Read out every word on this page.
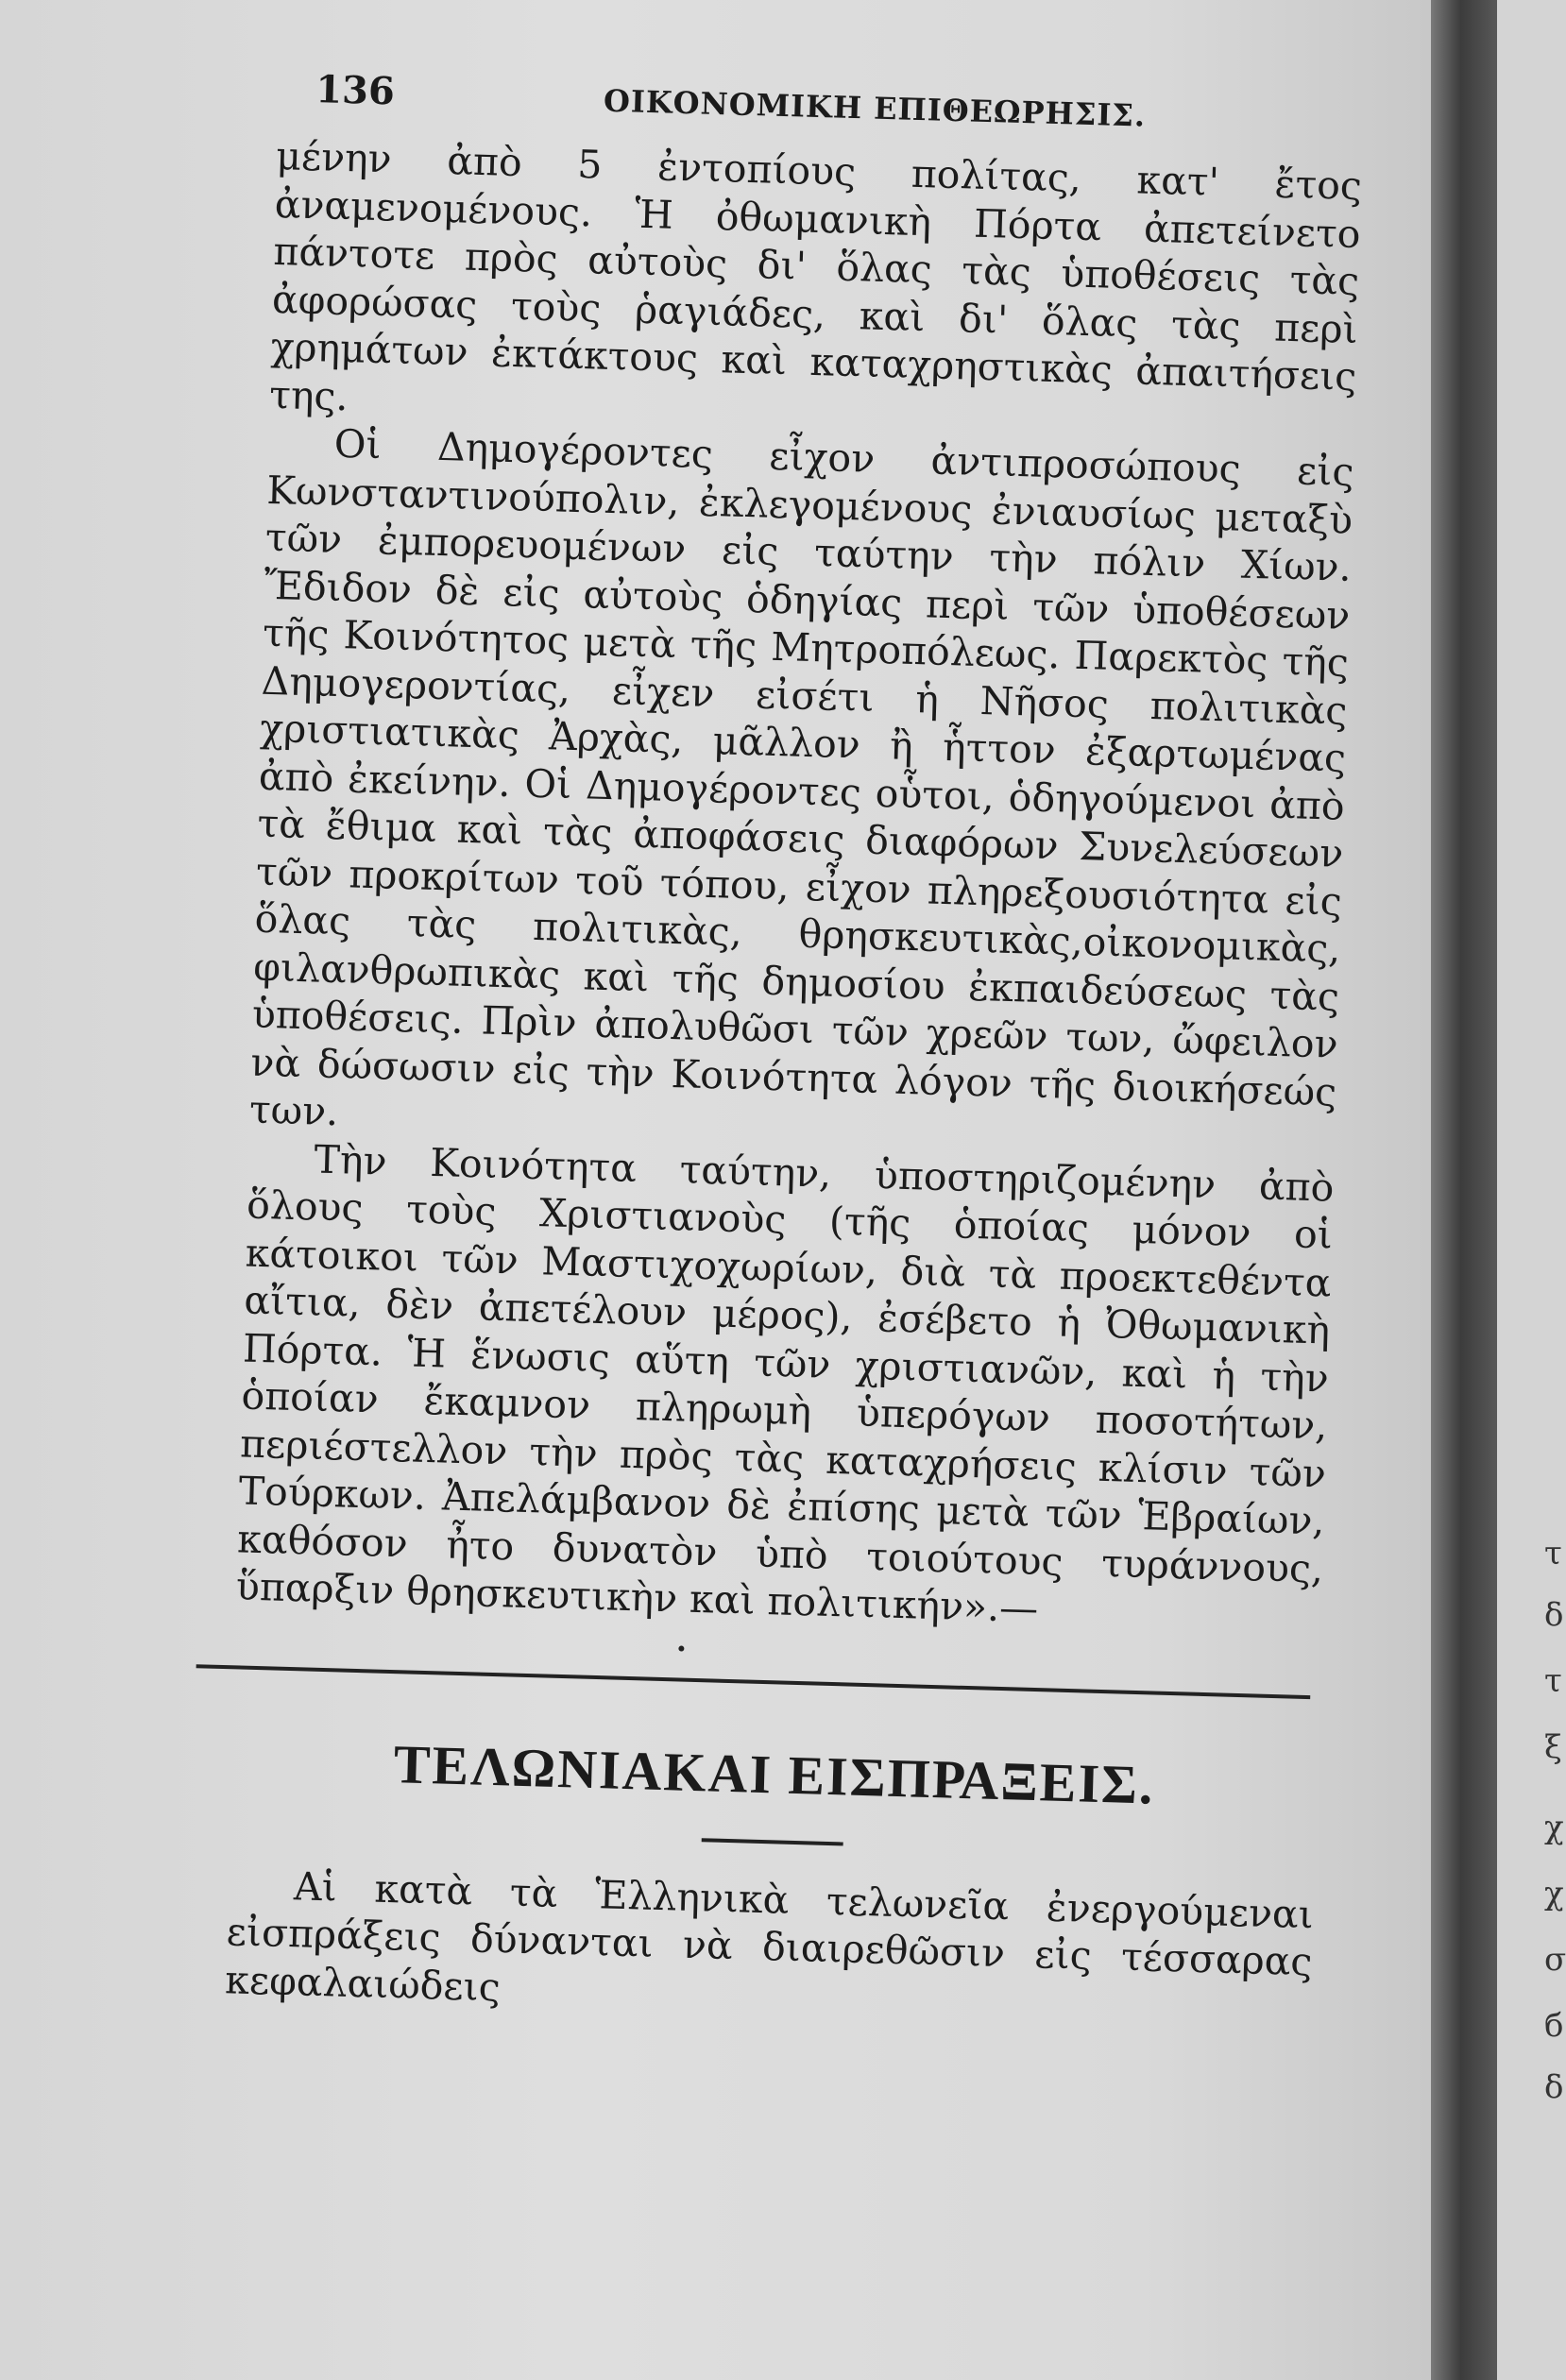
136	ΟΙΚΟΝΟΜΙΚΗ ΕΠΙΘΕΩΡΗΣΙΣ.

μένην ἀπὸ 5 ἐντοπίους πολίτας, κατ' ἔτος ἀναμενομένους. Ἡ ὀθωμανικὴ Πόρτα ἀπετείνετο πάντοτε πρὸς αὐτοὺς δι' ὅλας τὰς ὑποθέσεις τὰς ἀφορώσας τοὺς ῥαγιάδες, καὶ δι' ὅλας τὰς περὶ χρημάτων ἐκτάκτους καὶ καταχρηστικὰς ἀπαιτήσεις της.

Οἱ Δημογέροντες εἶχον ἀντιπροσώπους εἰς Κωνσταντινούπολιν, ἐκλεγομένους ἐνιαυσίως μεταξὺ τῶν ἐμπορευομένων εἰς ταύτην τὴν πόλιν Χίων. Ἔδιδον δὲ εἰς αὐτοὺς ὁδηγίας περὶ τῶν ὑποθέσεων τῆς Κοινότητος μετὰ τῆς Μητροπόλεως. Παρεκτὸς τῆς Δημογεροντίας, εἶχεν εἰσέτι ἡ Νῆσος πολιτικὰς χριστιατικὰς Ἀρχὰς, μᾶλλον ἢ ἧττον ἐξαρτωμένας ἀπὸ ἐκείνην. Οἱ Δημογέροντες οὗτοι, ὁδηγούμενοι ἀπὸ τὰ ἔθιμα καὶ τὰς ἀποφάσεις διαφόρων Συνελεύσεων τῶν προκρίτων τοῦ τόπου, εἶχον πληρεξουσιότητα εἰς ὅλας τὰς πολιτικὰς, θρησκευτικὰς,οἰκονομικὰς, φιλανθρωπικὰς καὶ τῆς δημοσίου ἐκπαιδεύσεως τὰς ὑποθέσεις. Πρὶν ἀπολυθῶσι τῶν χρεῶν των, ὤφειλον νὰ δώσωσιν εἰς τὴν Κοινότητα λόγον τῆς διοικήσεώς των.

Τὴν Κοινότητα ταύτην, ὑποστηριζομένην ἀπὸ ὅλους τοὺς Χριστιανοὺς (τῆς ὁποίας μόνον οἱ κάτοικοι τῶν Μαστιχοχωρίων, διὰ τὰ προεκτεθέντα αἴτια, δὲν ἀπετέλουν μέρος), ἐσέβετο ἡ Ὀθωμανικὴ Πόρτα. Ἡ ἕνωσις αὕτη τῶν χριστιανῶν, καὶ ἡ τὴν ὁποίαν ἔκαμνον πληρωμὴ ὑπερόγων ποσοτήτων, περιέστελλον τὴν πρὸς τὰς καταχρήσεις κλίσιν τῶν Τούρκων. Ἀπελάμβανον δὲ ἐπίσης μετὰ τῶν Ἑβραίων, καθόσον ἦτο δυνατὸν ὑπὸ τοιούτους τυράννους, ὕπαρξιν θρησκευτικὴν καὶ πολιτικήν».—

ΤΕΛΩΝΙΑΚΑΙ ΕΙΣΠΡΑΞΕΙΣ.

Αἱ κατὰ τὰ Ἑλληνικὰ τελωνεῖα ἐνεργούμεναι εἰσπράξεις δύνανται νὰ διαιρεθῶσιν εἰς τέσσαρας κεφαλαιώδεις

τ
δ
τ
ξ
χ
χ
σ
б
δ
